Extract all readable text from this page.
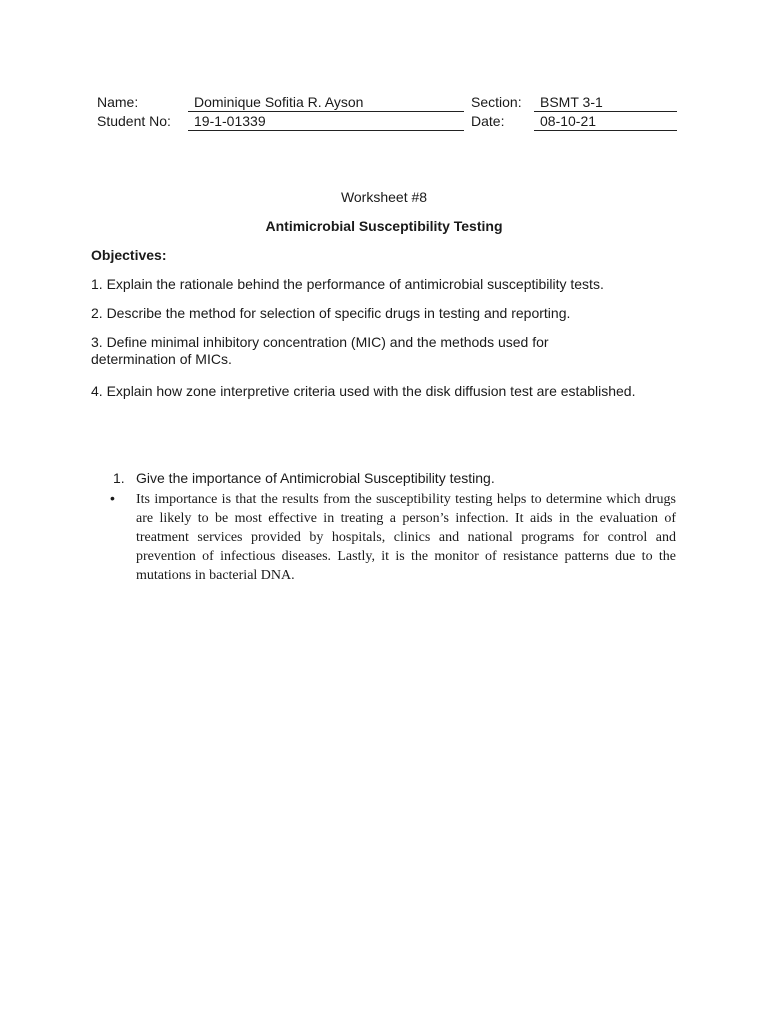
Name:	Dominique Sofitia R. Ayson	Section:	BSMT 3-1
Student No:	19-1-01339	Date:	08-10-21
Worksheet #8
Antimicrobial Susceptibility Testing
Objectives:
1. Explain the rationale behind the performance of antimicrobial susceptibility tests.
2. Describe the method for selection of specific drugs in testing and reporting.
3. Define minimal inhibitory concentration (MIC) and the methods used for determination of MICs.
4. Explain how zone interpretive criteria used with the disk diffusion test are established.
1. Give the importance of Antimicrobial Susceptibility testing.
• Its importance is that the results from the susceptibility testing helps to determine which drugs are likely to be most effective in treating a person’s infection. It aids in the evaluation of treatment services provided by hospitals, clinics and national programs for control and prevention of infectious diseases. Lastly, it is the monitor of resistance patterns due to the mutations in bacterial DNA.
